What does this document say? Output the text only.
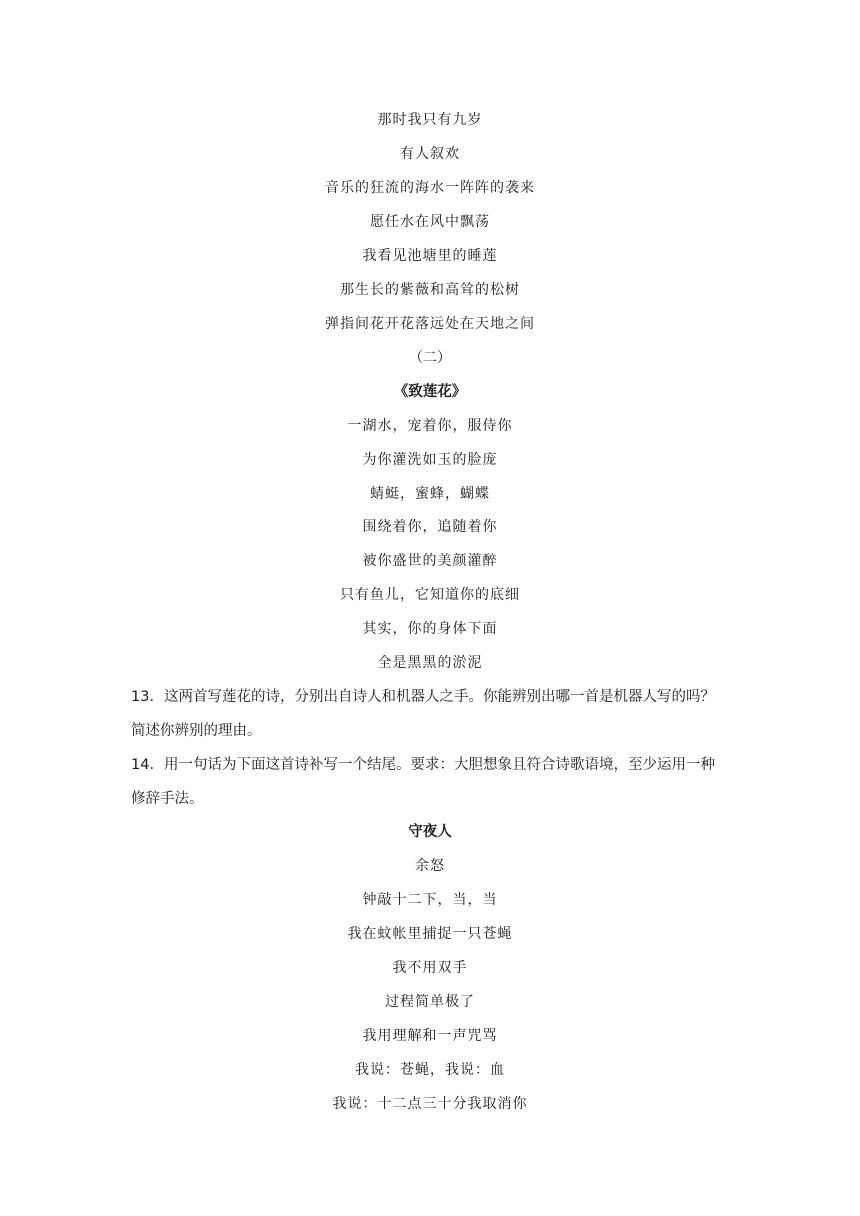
那时我只有九岁
有人叙欢
音乐的狂流的海水一阵阵的袭来
愿任水在风中飘荡
我看见池塘里的睡莲
那生长的紫薇和高耸的松树
弹指间花开花落远处在天地之间
（二）
《致莲花》
一湖水，宠着你，服侍你
为你灌洗如玉的脸庞
蜻蜓，蜜蜂，蝴蝶
围绕着你，追随着你
被你盛世的美颜灌醉
只有鱼儿，它知道你的底细
其实，你的身体下面
全是黑黑的淤泥
13．这两首写莲花的诗，分别出自诗人和机器人之手。你能辨别出哪一首是机器人写的吗？
简述你辨别的理由。
14．用一句话为下面这首诗补写一个结尾。要求：大胆想象且符合诗歌语境，至少运用一种
修辞手法。
守夜人
余怒
钟敲十二下，当，当
我在蚊帐里捕捉一只苍蝇
我不用双手
过程简单极了
我用理解和一声咒骂
我说：苍蝇，我说：血
我说：十二点三十分我取消你
